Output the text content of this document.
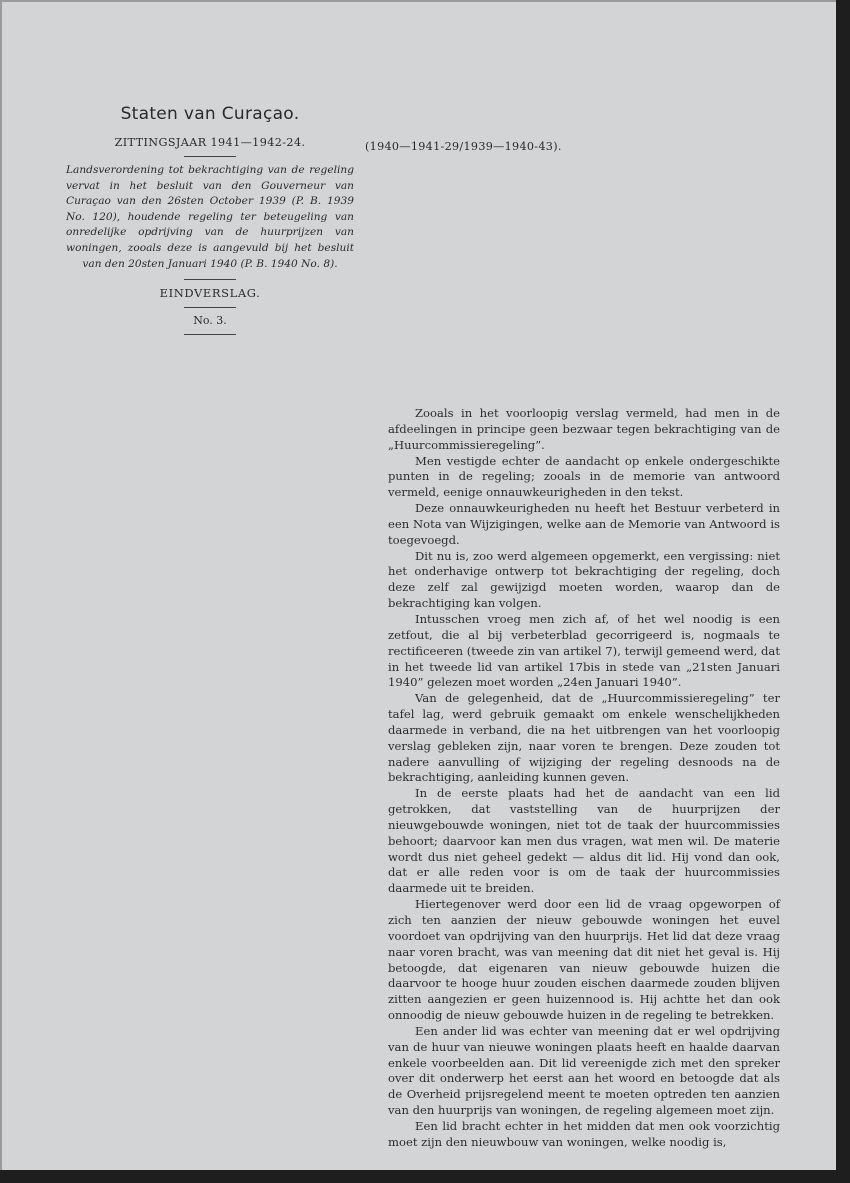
Staten van Curaçao.

ZITTINGSJAAR 1941—1942-24.

Landsverordening tot bekrachtiging van de regeling vervat in het besluit van den Gouverneur van Curaçao van den 26sten October 1939 (P. B. 1939 No. 120), houdende regeling ter beteugeling van onredelijke opdrijving van de huurprijzen van woningen, zooals deze is aangevuld bij het besluit van den 20sten Januari 1940 (P. B. 1940 No. 8).

EINDVERSLAG.

No. 3.

(1940—1941-29/1939—1940-43).

Zooals in het voorloopig verslag vermeld, had men in de afdeelingen in principe geen bezwaar tegen bekrachtiging van de „Huurcommissieregeling”.

Men vestigde echter de aandacht op enkele ondergeschikte punten in de regeling; zooals in de memorie van antwoord vermeld, eenige onnauwkeurigheden in den tekst.

Deze onnauwkeurigheden nu heeft het Bestuur verbeterd in een Nota van Wijzigingen, welke aan de Memorie van Antwoord is toegevoegd.

Dit nu is, zoo werd algemeen opgemerkt, een vergissing: niet het onderhavige ontwerp tot bekrachtiging der regeling, doch deze zelf zal gewijzigd moeten worden, waarop dan de bekrachtiging kan volgen.

Intusschen vroeg men zich af, of het wel noodig is een zetfout, die al bij verbeterblad gecorrigeerd is, nogmaals te rectificeeren (tweede zin van artikel 7), terwijl gemeend werd, dat in het tweede lid van artikel 17bis in stede van „21sten Januari 1940” gelezen moet worden „24en Januari 1940”.

Van de gelegenheid, dat de „Huurcommissieregeling” ter tafel lag, werd gebruik gemaakt om enkele wenschelijkheden daarmede in verband, die na het uitbrengen van het voorloopig verslag gebleken zijn, naar voren te brengen. Deze zouden tot nadere aanvulling of wijziging der regeling desnoods na de bekrachtiging, aanleiding kunnen geven.

In de eerste plaats had het de aandacht van een lid getrokken, dat vaststelling van de huurprijzen der nieuwgebouwde woningen, niet tot de taak der huurcommissies behoort; daarvoor kan men dus vragen, wat men wil. De materie wordt dus niet geheel gedekt — aldus dit lid. Hij vond dan ook, dat er alle reden voor is om de taak der huurcommissies daarmede uit te breiden.

Hiertegenover werd door een lid de vraag opgeworpen of zich ten aanzien der nieuw gebouwde woningen het euvel voordoet van opdrijving van den huurprijs. Het lid dat deze vraag naar voren bracht, was van meening dat dit niet het geval is. Hij betoogde, dat eigenaren van nieuw gebouwde huizen die daarvoor te hooge huur zouden eischen daarmede zouden blijven zitten aangezien er geen huizennood is. Hij achtte het dan ook onnoodig de nieuw gebouwde huizen in de regeling te betrekken.

Een ander lid was echter van meening dat er wel opdrijving van de huur van nieuwe woningen plaats heeft en haalde daarvan enkele voorbeelden aan. Dit lid vereenigde zich met den spreker over dit onderwerp het eerst aan het woord en betoogde dat als de Overheid prijsregelend meent te moeten optreden ten aanzien van den huurprijs van woningen, de regeling algemeen moet zijn.

Een lid bracht echter in het midden dat men ook voorzichtig moet zijn den nieuwbouw van woningen, welke noodig is,
